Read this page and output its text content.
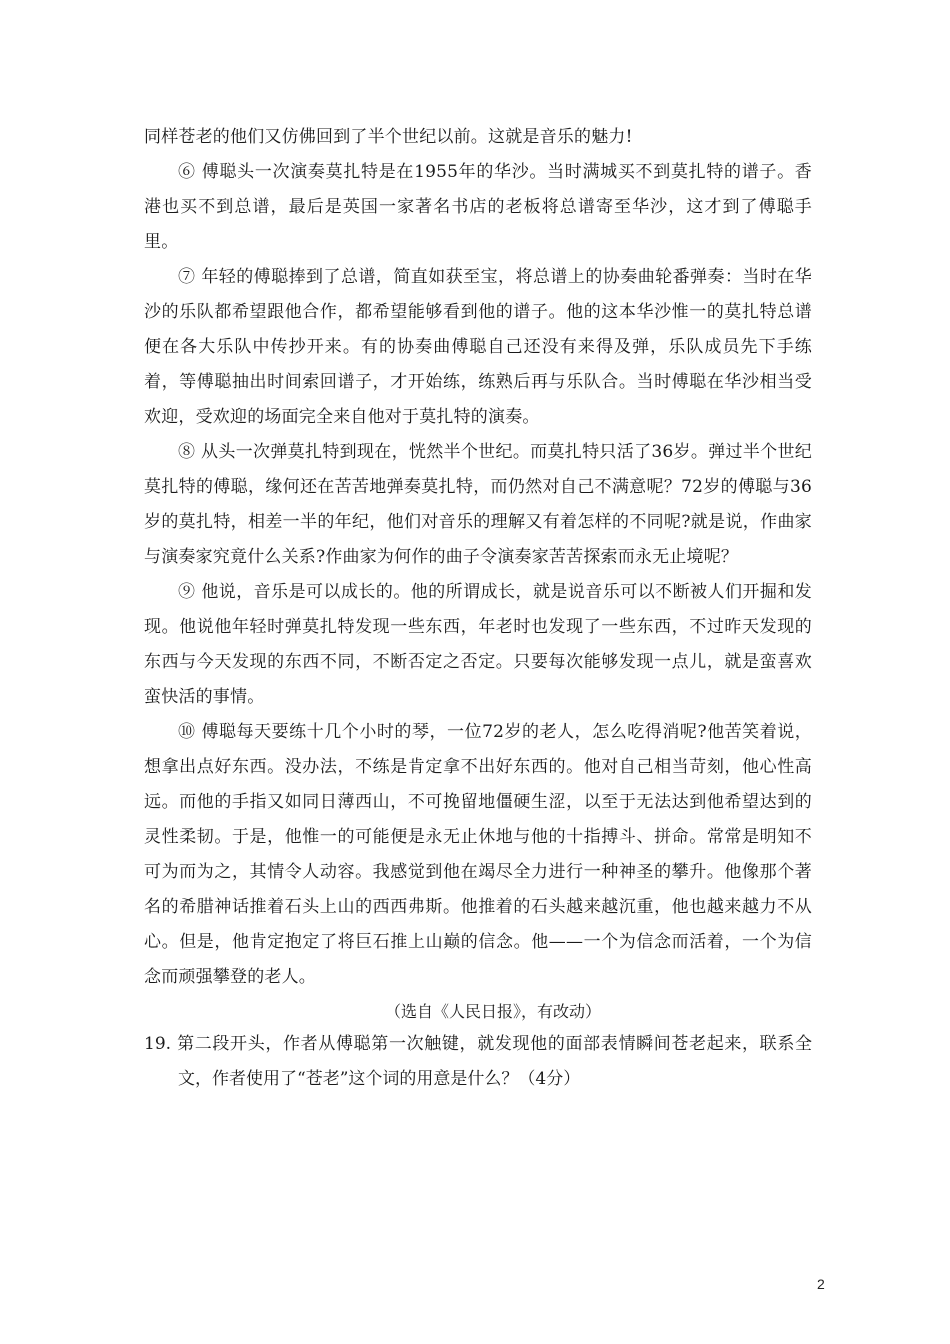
同样苍老的他们又仿佛回到了半个世纪以前。这就是音乐的魅力!

⑥ 傅聪头一次演奏莫扎特是在1955年的华沙。当时满城买不到莫扎特的谱子。香港也买不到总谱，最后是英国一家著名书店的老板将总谱寄至华沙，这才到了傅聪手里。

⑦ 年轻的傅聪捧到了总谱，简直如获至宝，将总谱上的协奏曲轮番弹奏：当时在华沙的乐队都希望跟他合作，都希望能够看到他的谱子。他的这本华沙惟一的莫扎特总谱便在各大乐队中传抄开来。有的协奏曲傅聪自己还没有来得及弹，乐队成员先下手练着，等傅聪抽出时间索回谱子，才开始练，练熟后再与乐队合。当时傅聪在华沙相当受欢迎，受欢迎的场面完全来自他对于莫扎特的演奏。

⑧ 从头一次弹莫扎特到现在，恍然半个世纪。而莫扎特只活了36岁。弹过半个世纪莫扎特的傅聪，缘何还在苦苦地弹奏莫扎特，而仍然对自己不满意呢？72岁的傅聪与36岁的莫扎特，相差一半的年纪，他们对音乐的理解又有着怎样的不同呢?就是说，作曲家与演奏家究竟什么关系?作曲家为何作的曲子令演奏家苦苦探索而永无止境呢？

⑨ 他说，音乐是可以成长的。他的所谓成长，就是说音乐可以不断被人们开掘和发现。他说他年轻时弹莫扎特发现一些东西，年老时也发现了一些东西，不过昨天发现的东西与今天发现的东西不同，不断否定之否定。只要每次能够发现一点儿，就是蛮喜欢蛮快活的事情。

⑩ 傅聪每天要练十几个小时的琴，一位72岁的老人，怎么吃得消呢?他苦笑着说，想拿出点好东西。没办法，不练是肯定拿不出好东西的。他对自己相当苛刻，他心性高远。而他的手指又如同日薄西山，不可挽留地僵硬生涩，以至于无法达到他希望达到的灵性柔韧。于是，他惟一的可能便是永无止休地与他的十指搏斗、拼命。常常是明知不可为而为之，其情令人动容。我感觉到他在竭尽全力进行一种神圣的攀升。他像那个著名的希腊神话推着石头上山的西西弗斯。他推着的石头越来越沉重，他也越来越力不从心。但是，他肯定抱定了将巨石推上山巅的信念。他——一个为信念而活着，一个为信念而顽强攀登的老人。

（选自《人民日报》，有改动）

19. 第二段开头，作者从傅聪第一次触键，就发现他的面部表情瞬间苍老起来，联系全文，作者使用了“苍老”这个词的用意是什么？（4分）

2
